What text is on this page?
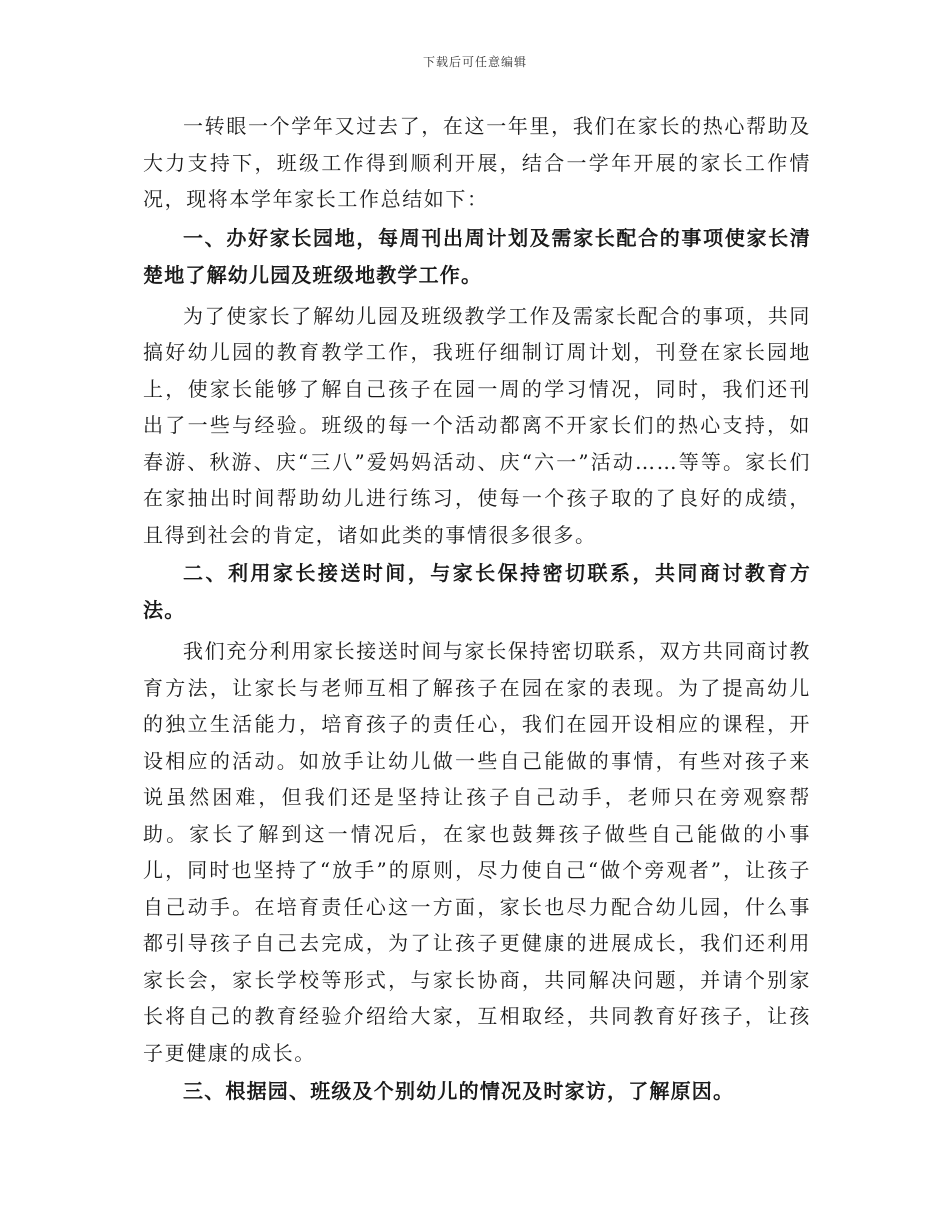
下载后可任意编辑

一转眼一个学年又过去了，在这一年里，我们在家长的热心帮助及大力支持下，班级工作得到顺利开展，结合一学年开展的家长工作情况，现将本学年家长工作总结如下：

一、办好家长园地，每周刊出周计划及需家长配合的事项使家长清楚地了解幼儿园及班级地教学工作。

为了使家长了解幼儿园及班级教学工作及需家长配合的事项，共同搞好幼儿园的教育教学工作，我班仔细制订周计划，刊登在家长园地上，使家长能够了解自己孩子在园一周的学习情况，同时，我们还刊出了一些与经验。班级的每一个活动都离不开家长们的热心支持，如春游、秋游、庆“三八”爱妈妈活动、庆“六一”活动……等等。家长们在家抽出时间帮助幼儿进行练习，使每一个孩子取的了良好的成绩，且得到社会的肯定，诸如此类的事情很多很多。

二、利用家长接送时间，与家长保持密切联系，共同商讨教育方法。

我们充分利用家长接送时间与家长保持密切联系，双方共同商讨教育方法，让家长与老师互相了解孩子在园在家的表现。为了提高幼儿的独立生活能力，培育孩子的责任心，我们在园开设相应的课程，开设相应的活动。如放手让幼儿做一些自己能做的事情，有些对孩子来说虽然困难，但我们还是坚持让孩子自己动手，老师只在旁观察帮助。家长了解到这一情况后，在家也鼓舞孩子做些自己能做的小事儿，同时也坚持了“放手”的原则，尽力使自己“做个旁观者”，让孩子自己动手。在培育责任心这一方面，家长也尽力配合幼儿园，什么事都引导孩子自己去完成，为了让孩子更健康的进展成长，我们还利用家长会，家长学校等形式，与家长协商，共同解决问题，并请个别家长将自己的教育经验介绍给大家，互相取经，共同教育好孩子，让孩子更健康的成长。

三、根据园、班级及个别幼儿的情况及时家访，了解原因。
